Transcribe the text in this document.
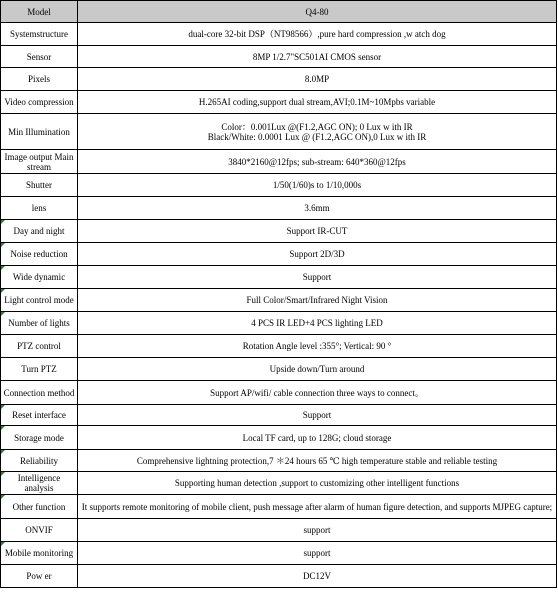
Model	Q4-80
Systemstructure	dual-core 32-bit DSP（NT98566）,pure hard compression ,w atch dog
Sensor	8MP 1/2.7"SC501AI CMOS sensor
Pixels	8.0MP
Video compression	H.265AI coding,support dual stream,AVI;0.1M~10Mpbs variable
Min Illumination	Color：0.001Lux @(F1.2,AGC ON); 0 Lux w ith IR
Black/White: 0.0001 Lux @ (F1.2,AGC ON),0 Lux w ith IR
Image output Main stream	3840*2160@12fps; sub-stream: 640*360@12fps
Shutter	1/50(1/60)s to 1/10,000s
lens	3.6mm

Day and night	Support IR-CUT

Noise reduction	Support 2D/3D

Wide dynamic	Support

Light control mode	Full Color/Smart/Infrared Night Vision

Number of lights	4 PCS IR LED+4 PCS lighting LED
PTZ control	Rotation Angle level :355°; Vertical: 90 °
Turn PTZ	Upside down/Turn around
Connection method	Support AP/wifi/ cable connection three ways to connect。

Reset interface	Support

Storage mode	Local TF card, up to 128G; cloud storage

Reliability	Comprehensive lightning protection,7 ＊24 hours 65 ℃ high temperature stable and reliable testing

Intelligence analysis	Supporting human detection ,support to customizing other intelligent functions

Other function	It supports remote monitoring of mobile client, push message after alarm of human figure detection, and supports MJPEG capture;
ONVIF	support

Mobile monitoring	support
Pow er	DC12V
